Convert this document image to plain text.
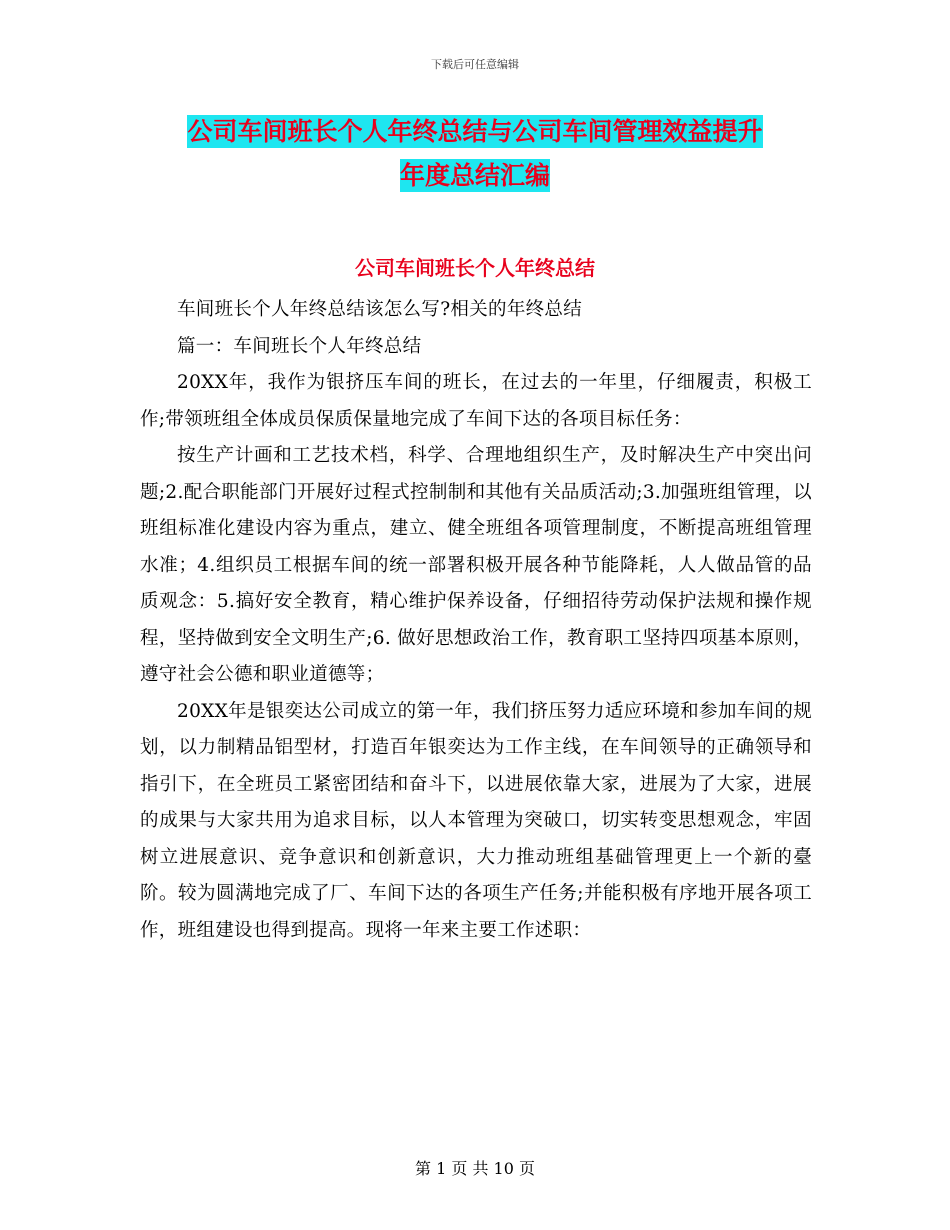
下载后可任意编辑
公司车间班长个人年终总结与公司车间管理效益提升
年度总结汇编
公司车间班长个人年终总结

车间班长个人年终总结该怎么写?相关的年终总结

篇一：车间班长个人年终总结

20XX年，我作为银挤压车间的班长，在过去的一年里，仔细履责，积极工作;带领班组全体成员保质保量地完成了车间下达的各项目标任务：

按生产计画和工艺技术档，科学、合理地组织生产，及时解决生产中突出问题;2.配合职能部门开展好过程式控制制和其他有关品质活动;3.加强班组管理，以班组标准化建设内容为重点，建立、健全班组各项管理制度，不断提高班组管理水准；4.组织员工根据车间的统一部署积极开展各种节能降耗，人人做品管的品质观念：5.搞好安全教育，精心维护保养设备，仔细招待劳动保护法规和操作规程，坚持做到安全文明生产;6. 做好思想政治工作，教育职工坚持四项基本原则，遵守社会公德和职业道德等；

20XX年是银奕达公司成立的第一年，我们挤压努力适应环境和参加车间的规划，以力制精品铝型材，打造百年银奕达为工作主线，在车间领导的正确领导和指引下，在全班员工紧密团结和奋斗下，以进展依靠大家，进展为了大家，进展的成果与大家共用为追求目标，以人本管理为突破口，切实转变思想观念，牢固树立进展意识、竞争意识和创新意识，大力推动班组基础管理更上一个新的臺阶。较为圆满地完成了厂、车间下达的各项生产任务;并能积极有序地开展各项工作，班组建设也得到提高。现将一年来主要工作述职：

第 1 页 共 10 页
